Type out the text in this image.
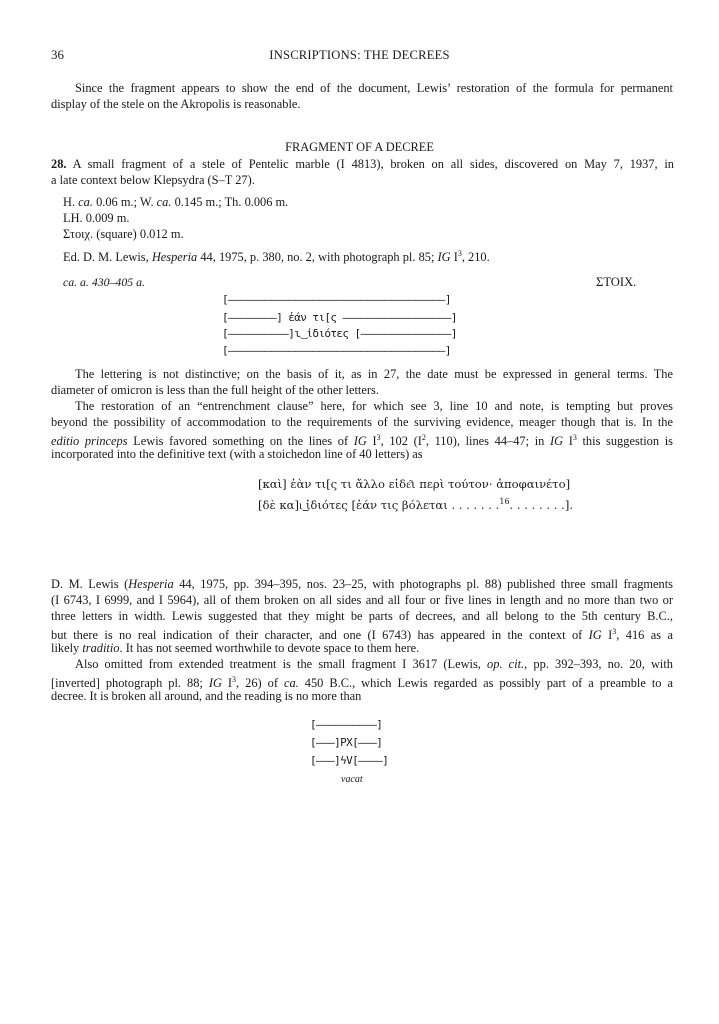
36	INSCRIPTIONS: THE DECREES
Since the fragment appears to show the end of the document, Lewis’ restoration of the formula for permanent
display of the stele on the Akropolis is reasonable.
FRAGMENT OF A DECREE
28. A small fragment of a stele of Pentelic marble (I 4813), broken on all sides, discovered on May 7, 1937, in
a late context below Klepsydra (S–T 27).
H. ca. 0.06 m.; W. ca. 0.145 m.; Th. 0.006 m.
LH. 0.009 m.
Στοιχ. (square) 0.012 m.
Ed. D. M. Lewis, Hesperia 44, 1975, p. 380, no. 2, with photograph pl. 85; IG $I^3$, 210.
ca. a. 430–405 a.	ΣΤΟΙΧ.
[————————————————————————————————————]
[————————] ἐάν τι[ς ——————————————————]
[——————————]ι͜ ἰδιότες [———————————————]
[————————————————————————————————————]
The lettering is not distinctive; on the basis of it, as in 27, the date must be expressed in general terms. The
diameter of omicron is less than the full height of the other letters.
The restoration of an “entrenchment clause” here, for which see 3, line 10 and note, is tempting but proves
beyond the possibility of accommodation to the requirements of the surviving evidence, meager though that is. In the
editio princeps Lewis favored something on the lines of IG $I^3$, 102 ($I^2$, 110), lines 44–47; in IG $I^3$ this suggestion is
incorporated into the definitive text (with a stoichedon line of 40 letters) as
[καὶ] ἐὰν τι[ς τι ἄλλο εἰδε͂ι περὶ τούτον· ἀποφαινέτο]
[δὲ κα]ι͜ ἰδιότες [ἐάν τις βόλεται . . . . . . .$^{16}$. . . . . . . .].
D. M. Lewis (Hesperia 44, 1975, pp. 394–395, nos. 23–25, with photographs pl. 88) published three small fragments
(I 6743, I 6999, and I 5964), all of them broken on all sides and all four or five lines in length and no more than two or
three letters in width. Lewis suggested that they might be parts of decrees, and all belong to the 5th century B.C.,
but there is no real indication of their character, and one (I 6743) has appeared in the context of IG $I^3$, 416 as a
likely traditio. It has not seemed worthwhile to devote space to them here.
Also omitted from extended treatment is the small fragment I 3617 (Lewis, op. cit., pp. 392–393, no. 20, with
[inverted] photograph pl. 88; IG $I^3$, 26) of ca. 450 B.C., which Lewis regarded as possibly part of a preamble to a
decree. It is broken all around, and the reading is no more than
[——————————]
[———]PX[———]
[———]ϟV[————]
vacat
